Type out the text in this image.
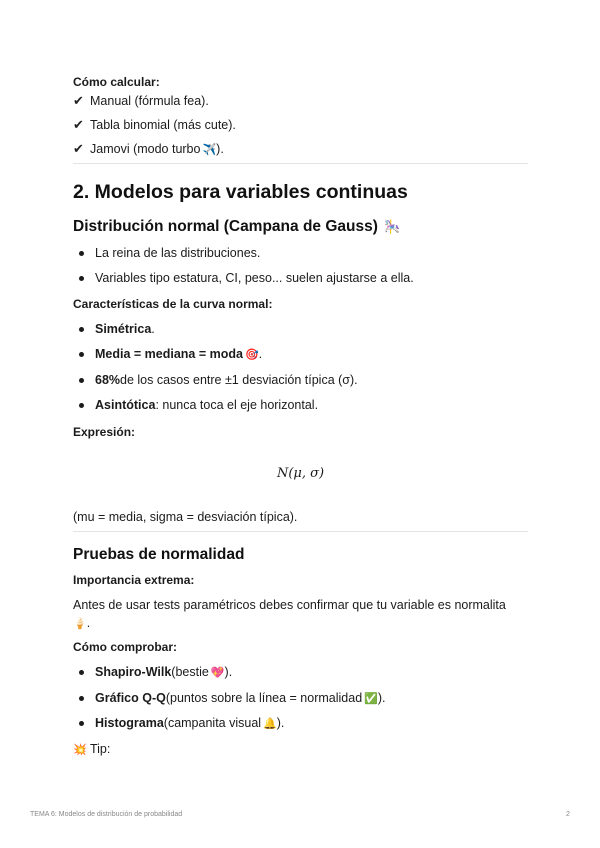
Cómo calcular:
✔ Manual (fórmula fea).
✔ Tabla binomial (más cute).
✔ Jamovi (modo turbo ✈️ ).
2. Modelos para variables continuas
Distribución normal (Campana de Gauss) 🎠
La reina de las distribuciones.
Variables tipo estatura, CI, peso... suelen ajustarse a ella.
Características de la curva normal:
Simétrica .
Media = mediana = moda 🎯 .
68% de los casos entre ±1 desviación típica (σ).
Asintótica : nunca toca el eje horizontal.
Expresión:
N(μ, σ)
(mu = media, sigma = desviación típica).
Pruebas de normalidad
Importancia extrema:
Antes de usar tests paramétricos debes confirmar que tu variable es normalita
🍦.
Cómo comprobar:
Shapiro-Wilk (bestie 💖 ).
Gráfico Q-Q (puntos sobre la línea = normalidad ✅ ).
Histograma (campanita visual 🔔 ).
💥 Tip:
TEMA 6: Modelos de distribución de probabilidad	2
